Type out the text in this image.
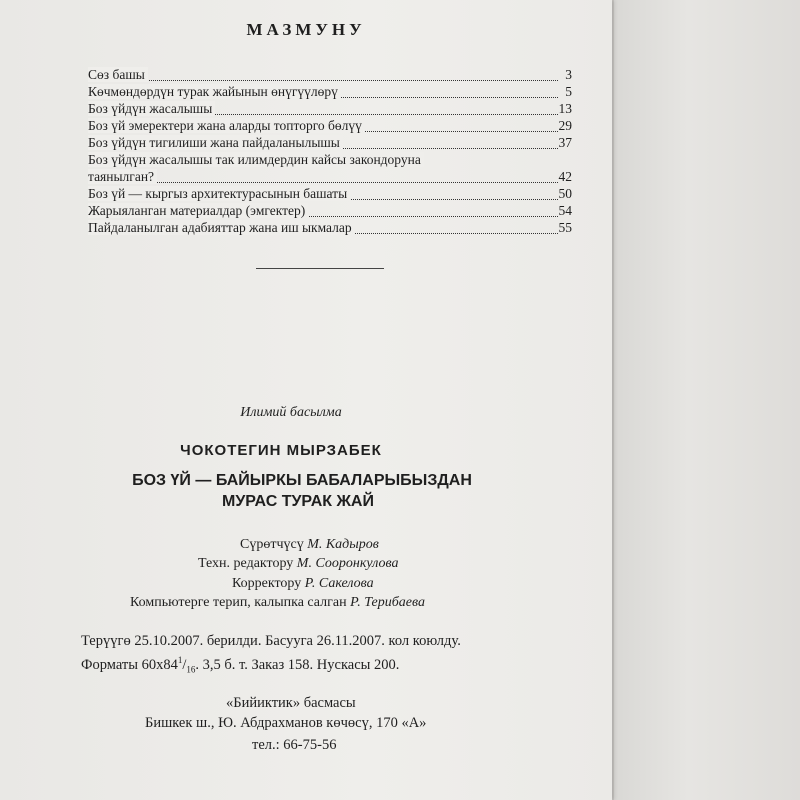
МАЗМУНУ
Сөз башы	3
Көчмөндөрдүн турак жайынын өнүгүүлөрү	5
Боз үйдүн жасалышы	13
Боз үй эмеректери жана аларды топторго бөлүү	29
Боз үйдүн тигилиши жана пайдаланылышы	37
Боз үйдүн жасалышы так илимдердин кайсы закондоруна
таянылган?	42
Боз үй — кыргыз архитектурасынын башаты	50
Жарыяланган материалдар (эмгектер)	54
Пайдаланылган адабияттар жана иш ыкмалар	55
Илимий басылма
ЧОКОТЕГИН МЫРЗАБЕК
БОЗ ҮЙ — БАЙЫРКЫ БАБАЛАРЫБЫЗДАН
МУРАС ТУРАК ЖАЙ
Сүрөтчүсү М. Кадыров
Техн. редактору М. Сооронкулова
Корректору Р. Сакелова
Компьютерге терип, калыпка салган Р. Терибаева
Терүүгө 25.10.2007. берилди. Басууга 26.11.2007. кол коюлду.
Форматы $60x84^1/_{16}$. 3,5 б. т. Заказ 158. Нускасы 200.
«Бийиктик» басмасы
Бишкек ш., Ю. Абдрахманов көчөсү, 170 «А»
тел.: 66-75-56
